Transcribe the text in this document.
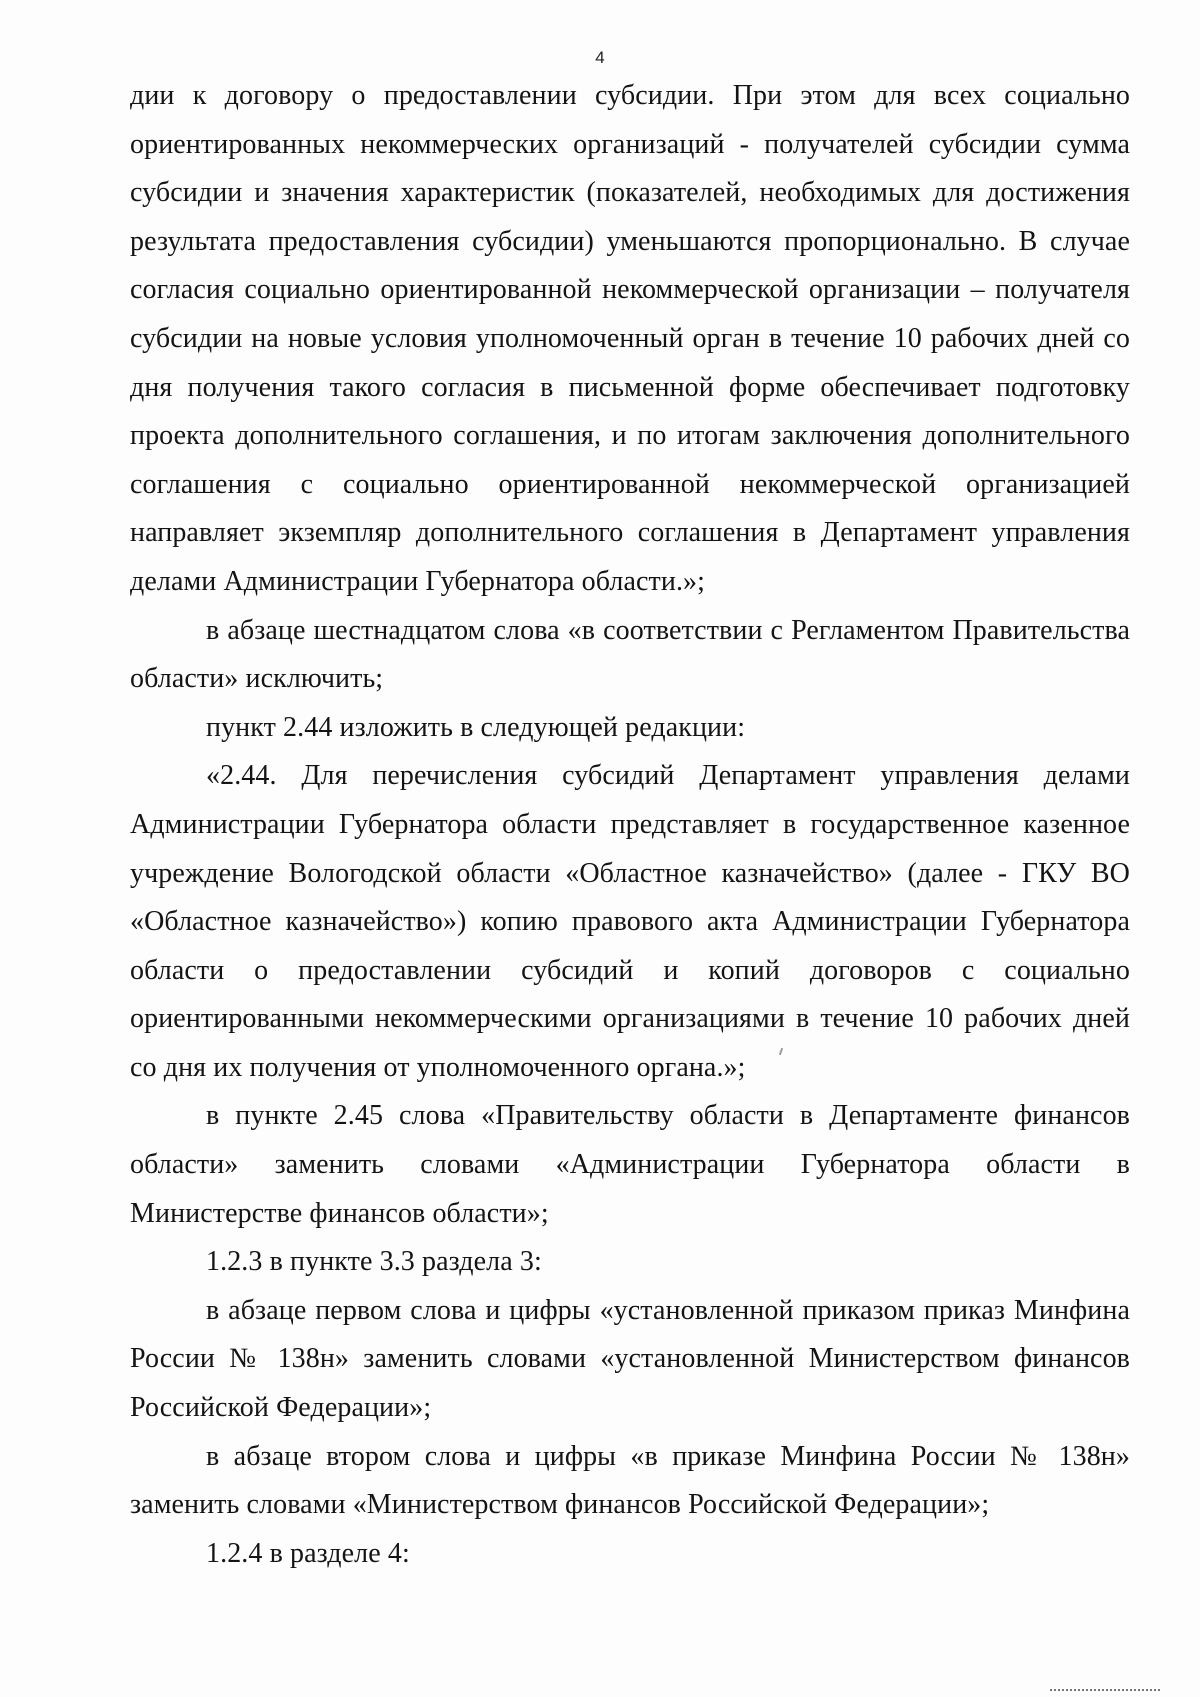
4

дии к договору о предоставлении субсидии. При этом для всех социально ориентированных некоммерческих организаций - получателей субсидии сумма субсидии и значения характеристик (показателей, необходимых для достижения результата предоставления субсидии) уменьшаются пропорционально. В случае согласия социально ориентированной некоммерческой организации – получателя субсидии на новые условия уполномоченный орган в течение 10 рабочих дней со дня получения такого согласия в письменной форме обеспечивает подготовку проекта дополнительного соглашения, и по итогам заключения дополнительного соглашения с социально ориентированной некоммерческой организацией направляет экземпляр дополнительного соглашения в Департамент управления делами Администрации Губернатора области.»;

в абзаце шестнадцатом слова «в соответствии с Регламентом Правительства области» исключить;

пункт 2.44 изложить в следующей редакции:

«2.44. Для перечисления субсидий Департамент управления делами Администрации Губернатора области представляет в государственное казенное учреждение Вологодской области «Областное казначейство» (далее - ГКУ ВО «Областное казначейство») копию правового акта Администрации Губернатора области о предоставлении субсидий и копий договоров с социально ориентированными некоммерческими организациями в течение 10 рабочих дней со дня их получения от уполномоченного органа.»;

в пункте 2.45 слова «Правительству области в Департаменте финансов области» заменить словами «Администрации Губернатора области в Министерстве финансов области»;

1.2.3 в пункте 3.3 раздела 3:

в абзаце первом слова и цифры «установленной приказом приказ Минфина России № 138н» заменить словами «установленной Министерством финансов Российской Федерации»;

в абзаце втором слова и цифры «в приказе Минфина России № 138н» заменить словами «Министерством финансов Российской Федерации»;

1.2.4 в разделе 4:
